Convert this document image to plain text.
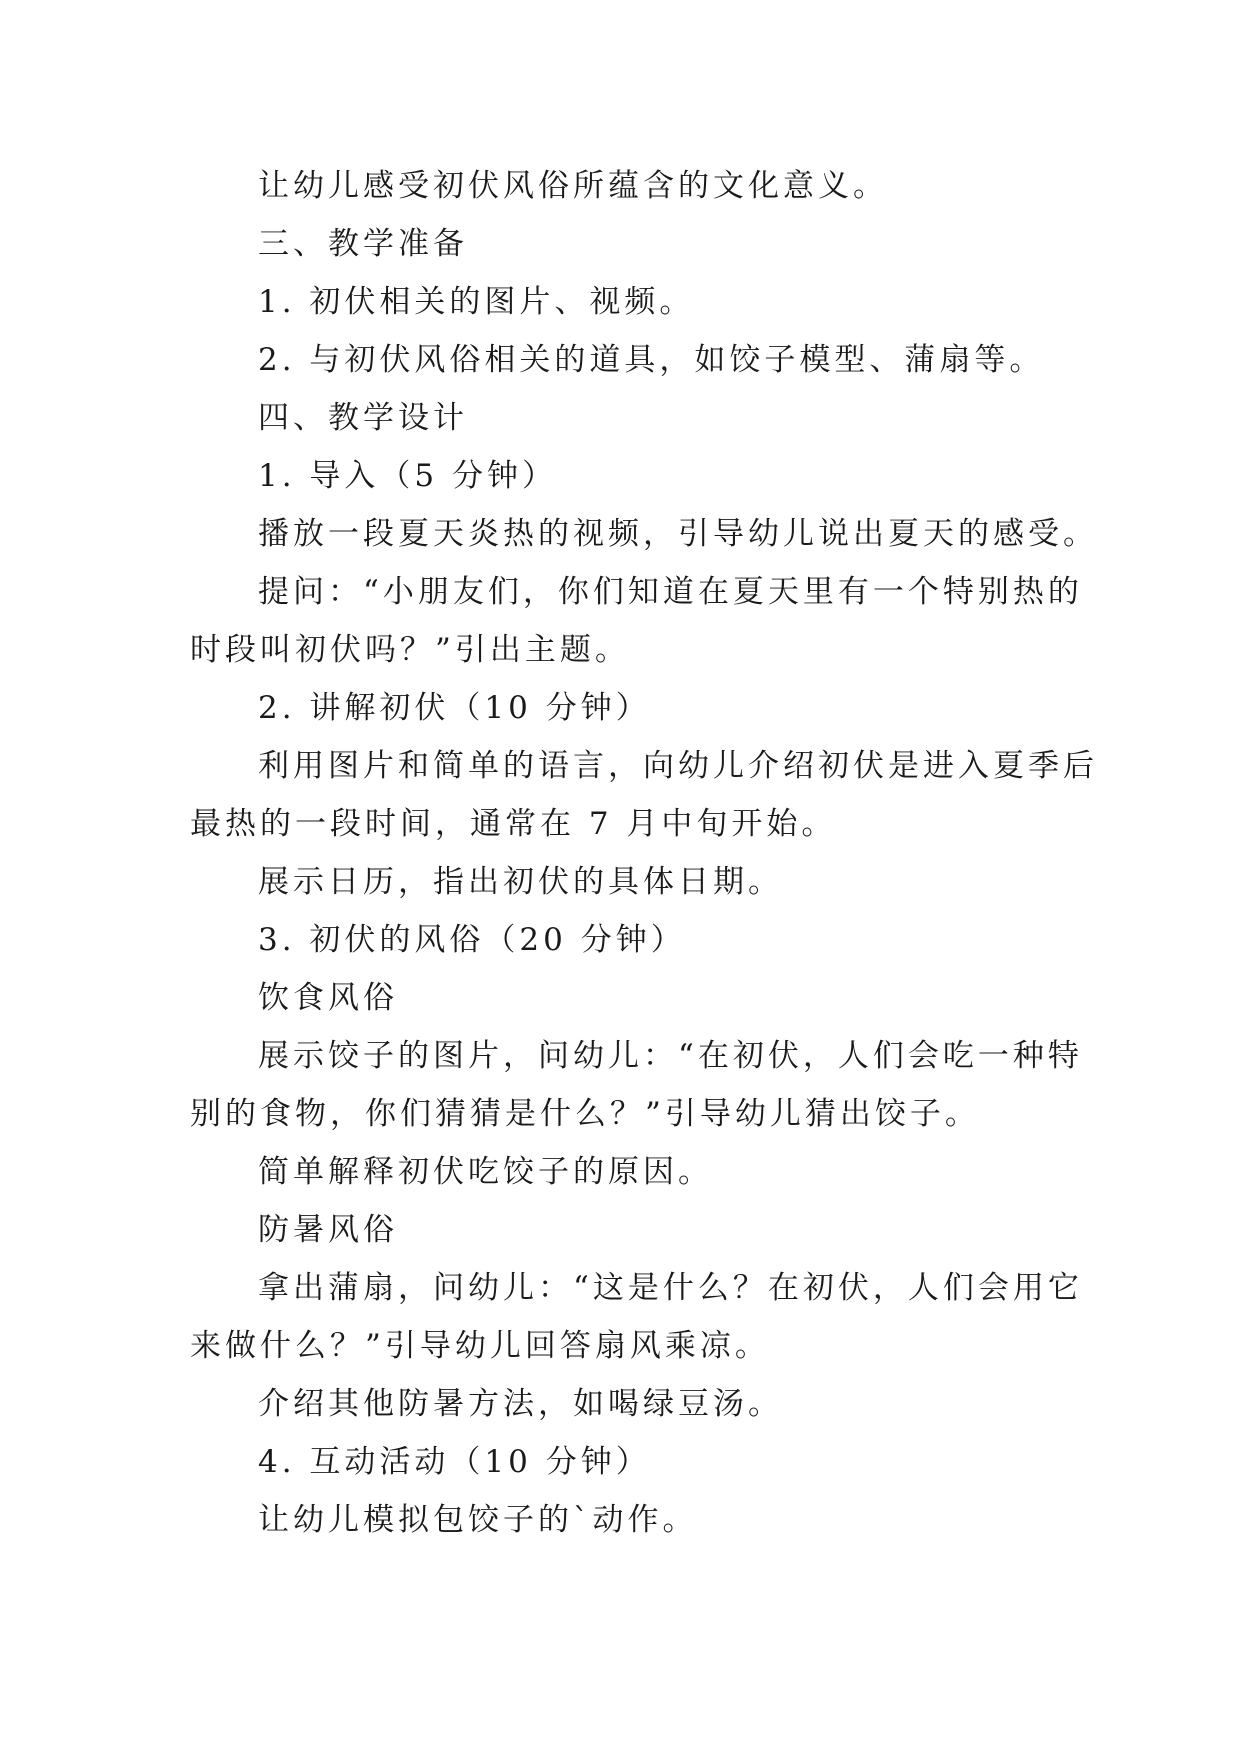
让幼儿感受初伏风俗所蕴含的文化意义。
三、教学准备
1. 初伏相关的图片、视频。
2. 与初伏风俗相关的道具，如饺子模型、蒲扇等。
四、教学设计
1. 导入（5 分钟）
播放一段夏天炎热的视频，引导幼儿说出夏天的感受。
提问：“小朋友们，你们知道在夏天里有一个特别热的
时段叫初伏吗？”引出主题。
2. 讲解初伏（10 分钟）
利用图片和简单的语言，向幼儿介绍初伏是进入夏季后
最热的一段时间，通常在 7 月中旬开始。
展示日历，指出初伏的具体日期。
3. 初伏的风俗（20 分钟）
饮食风俗
展示饺子的图片，问幼儿：“在初伏，人们会吃一种特
别的食物，你们猜猜是什么？”引导幼儿猜出饺子。
简单解释初伏吃饺子的原因。
防暑风俗
拿出蒲扇，问幼儿：“这是什么？在初伏，人们会用它
来做什么？”引导幼儿回答扇风乘凉。
介绍其他防暑方法，如喝绿豆汤。
4. 互动活动（10 分钟）
让幼儿模拟包饺子的`动作。
